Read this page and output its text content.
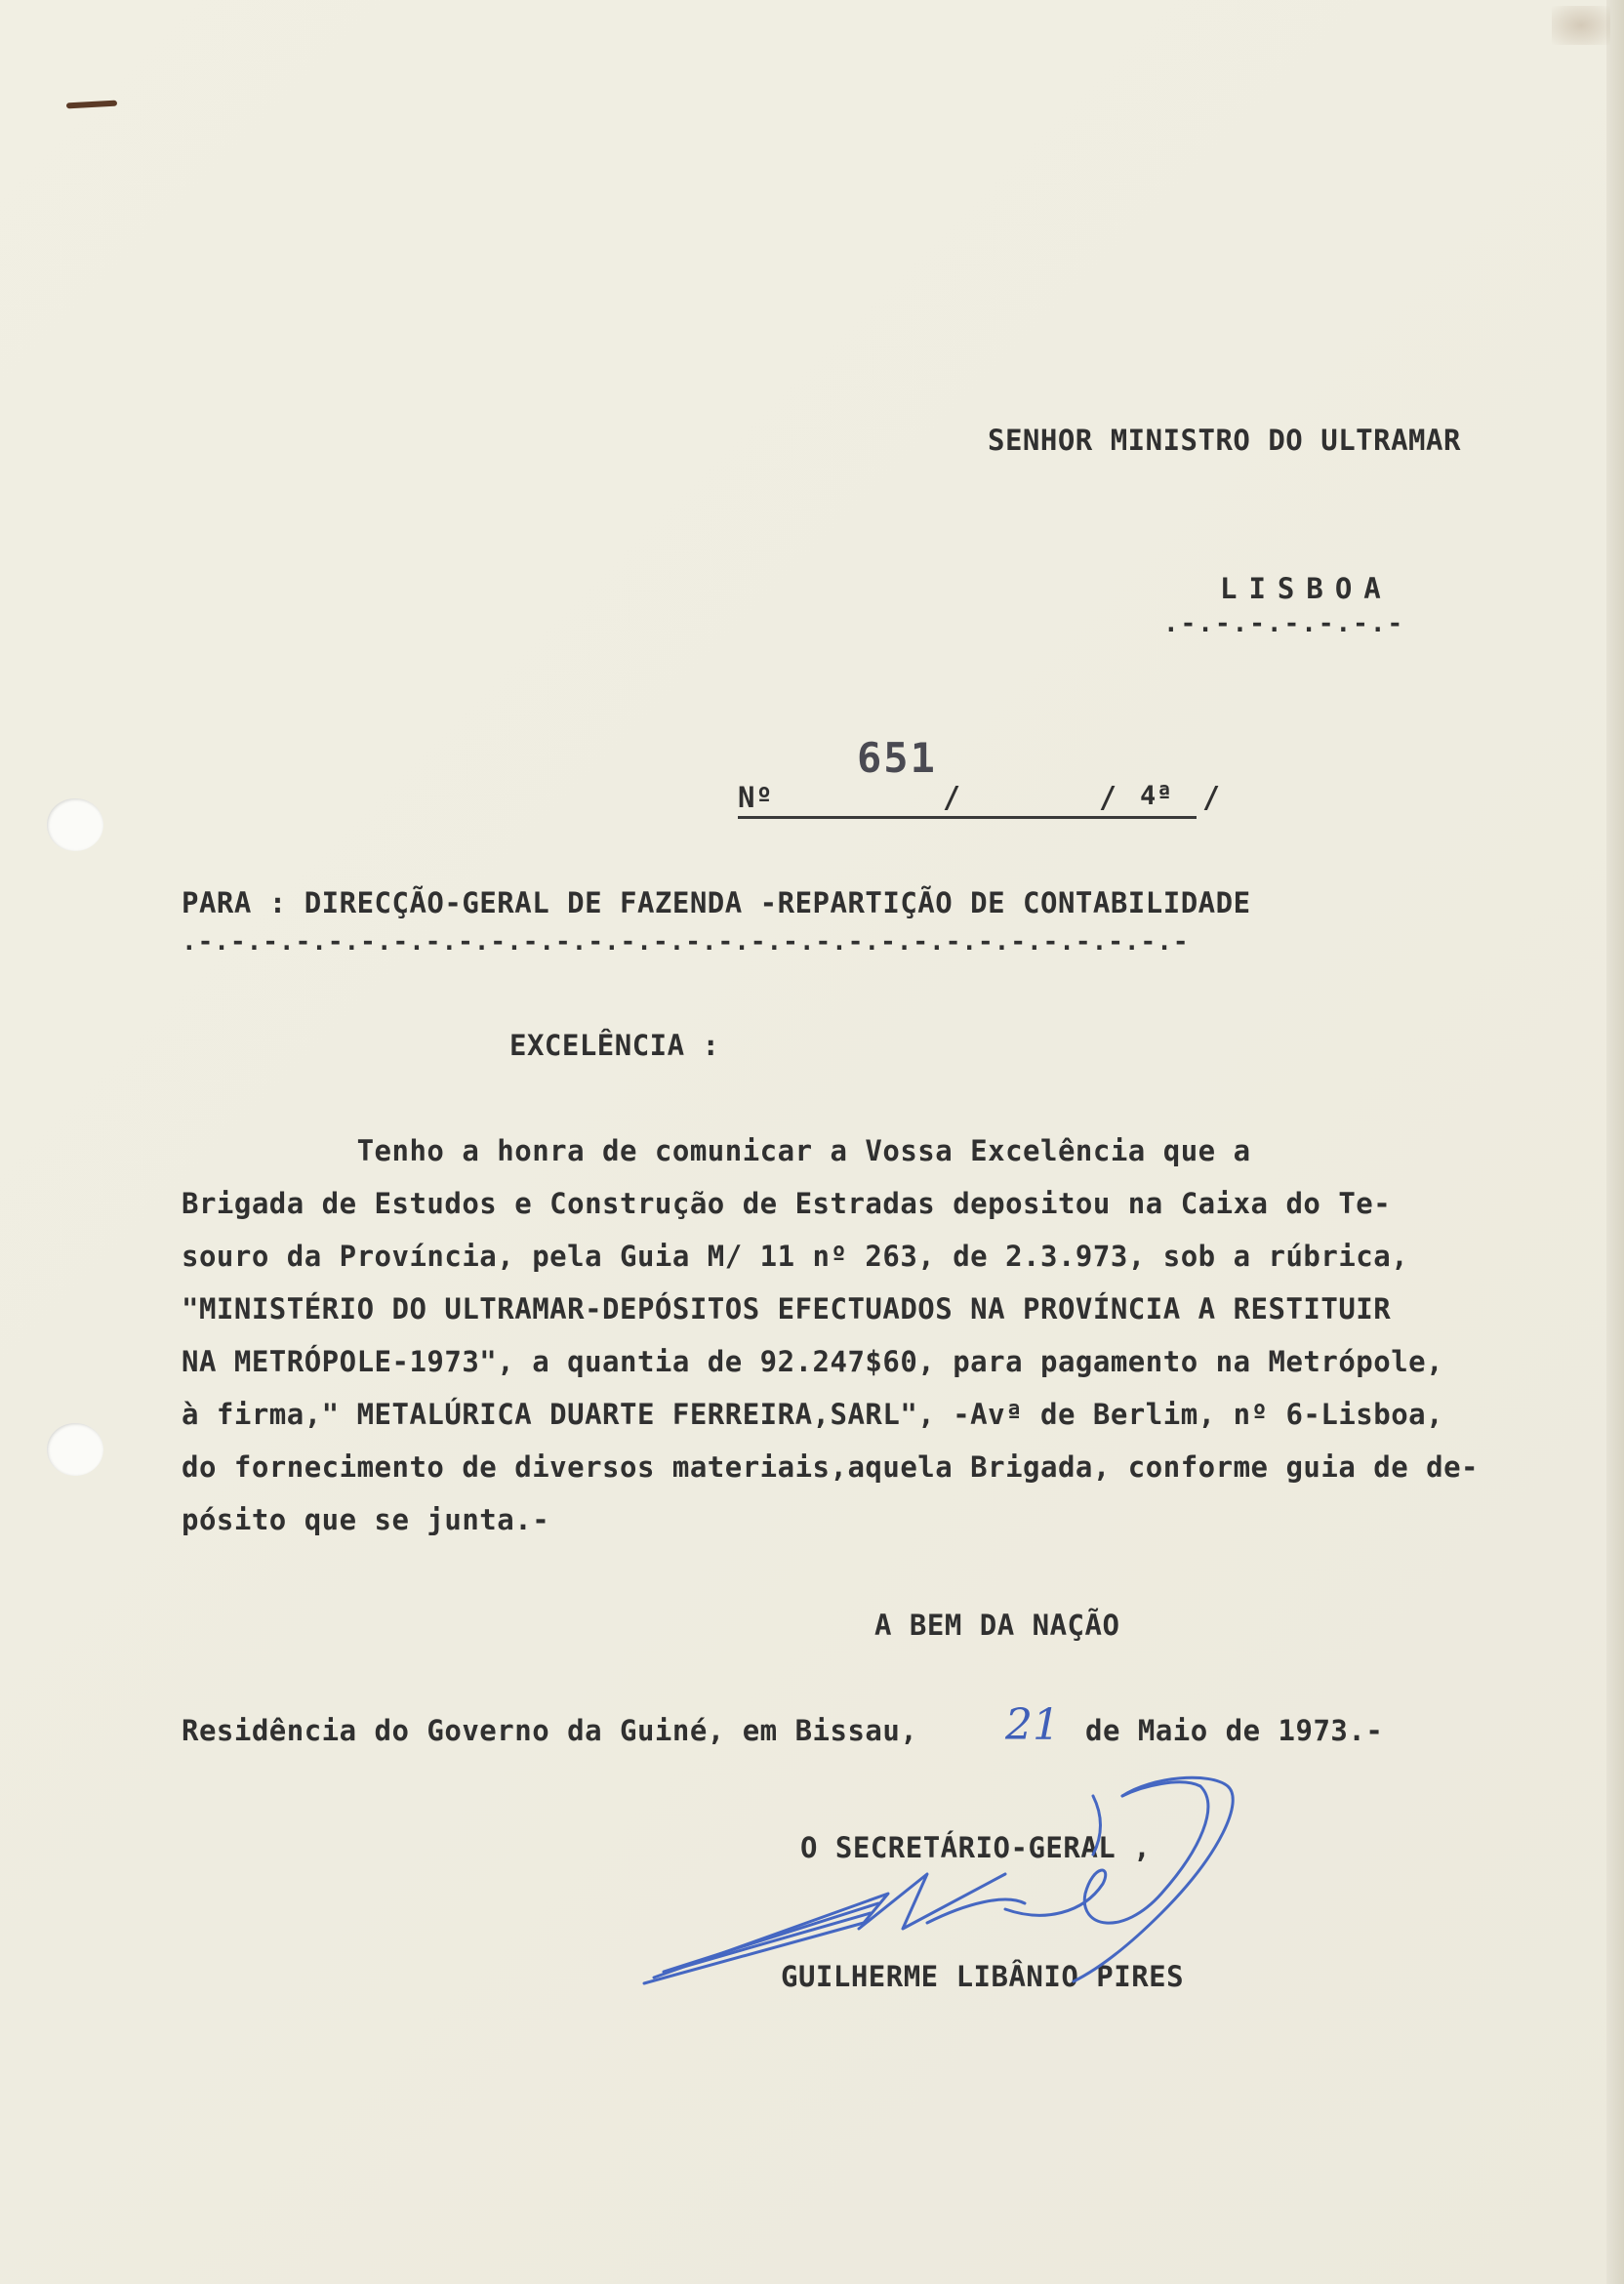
SENHOR MINISTRO DO ULTRAMAR
LISBOA
.-.-.-.-.-.-.-
651
Nº	/	/ 4ª /
PARA : DIRECÇÃO-GERAL DE FAZENDA -REPARTIÇÃO DE CONTABILIDADE
.-.-.-.-.-.-.-.-.-.-.-.-.-.-.-.-.-.-.-.-.-.-.-.-.-.-.-.-.-.-.-
EXCELÊNCIA :
Tenho a honra de comunicar a Vossa Excelência que a
Brigada de Estudos e Construção de Estradas depositou na Caixa do Te-
souro da Província, pela Guia M/ 11 nº 263, de 2.3.973, sob a rúbrica,
"MINISTÉRIO DO ULTRAMAR-DEPÓSITOS EFECTUADOS NA PROVÍNCIA A RESTITUIR
NA METRÓPOLE-1973", a quantia de 92.247$60, para pagamento na Metrópole,
à firma," METALÚRICA DUARTE FERREIRA,SARL", -Avª de Berlim, nº 6-Lisboa,
do fornecimento de diversos materiais,aquela Brigada, conforme guia de de-
pósito que se junta.-
A BEM DA NAÇÃO
Residência do Governo da Guiné, em Bissau, 21 de Maio de 1973.-
O SECRETÁRIO-GERAL ,
GUILHERME LIBÂNIO PIRES
